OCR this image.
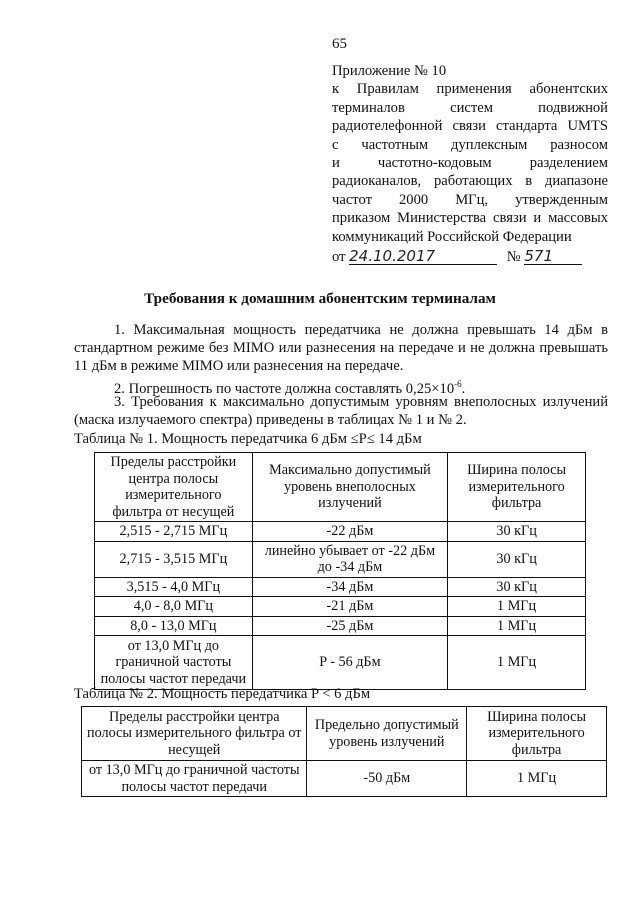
65
Приложение № 10
к Правилам применения абонентских
терминалов систем подвижной
радиотелефонной связи стандарта UMTS
с частотным дуплексным разносом
и частотно-кодовым разделением
радиоканалов, работающих в диапазоне
частот 2000 МГц, утвержденным
приказом Министерства связи и массовых
коммуникаций Российской Федерации
от 24.10.2017	№ 571
Требования к домашним абонентским терминалам
1. Максимальная мощность передатчика не должна превышать 14 дБм в стандартном режиме без MIMO или разнесения на передаче и не должна превышать 11 дБм в режиме MIMO или разнесения на передаче.
2. Погрешность по частоте должна составлять $0,25\times 10^{-6}$.
3. Требования к максимально допустимым уровням внеполосных излучений (маска излучаемого спектра) приведены в таблицах № 1 и № 2.
Таблица № 1. Мощность передатчика 6 дБм ≤P≤ 14 дБм
Пределы расстройки центра полосы измерительного фильтра от несущей	Максимально допустимый уровень внеполосных излучений	Ширина полосы измерительного фильтра
2,515 - 2,715 МГц	-22 дБм	30 кГц
2,715 - 3,515 МГц	линейно убывает от -22 дБм до -34 дБм	30 кГц
3,515 - 4,0 МГц	-34 дБм	30 кГц
4,0 - 8,0 МГц	-21 дБм	1 МГц
8,0 - 13,0 МГц	-25 дБм	1 МГц
от 13,0 МГц до граничной частоты полосы частот передачи	P - 56 дБм	1 МГц
Таблица № 2. Мощность передатчика P < 6 дБм
Пределы расстройки центра полосы измерительного фильтра от несущей	Предельно допустимый уровень излучений	Ширина полосы измерительного фильтра
от 13,0 МГц до граничной частоты полосы частот передачи	-50 дБм	1 МГц
